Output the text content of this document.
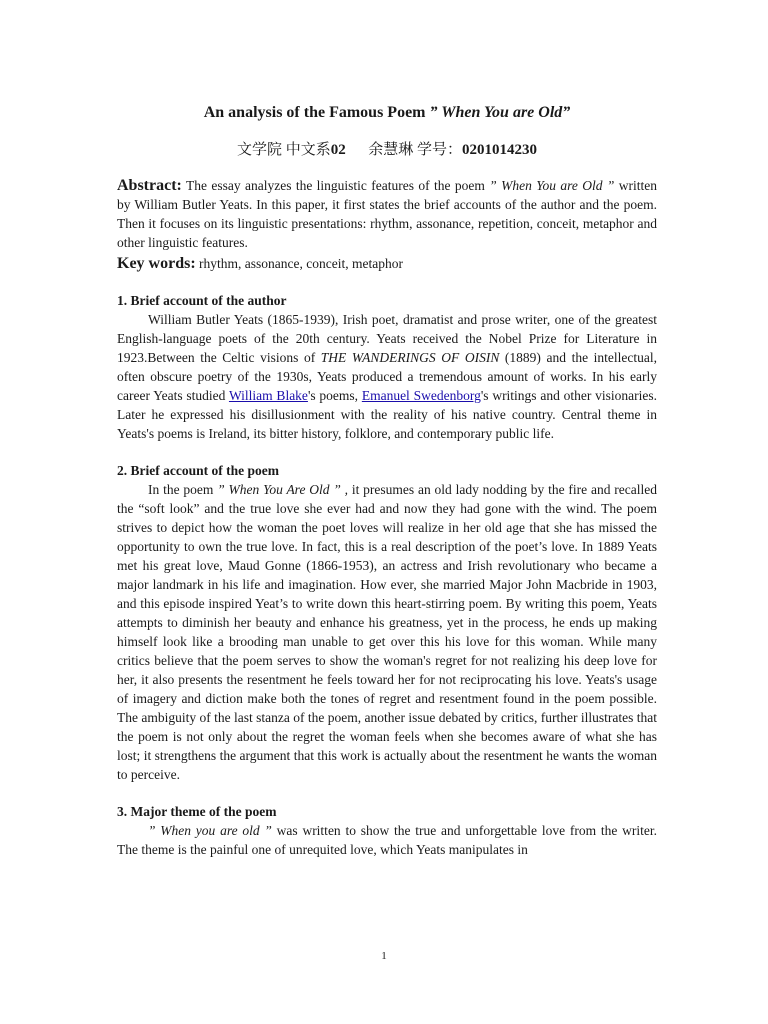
An analysis of the Famous Poem ” When You are Old”
文学院 中文系02 余慧琳 学号：0201014230

Abstract: The essay analyzes the linguistic features of the poem ” When You are Old ” written by William Butler Yeats. In this paper, it first states the brief accounts of the author and the poem. Then it focuses on its linguistic presentations: rhythm, assonance, repetition, conceit, metaphor and other linguistic features.

Key words: rhythm, assonance, conceit, metaphor

1. Brief account of the author

William Butler Yeats (1865-1939), Irish poet, dramatist and prose writer, one of the greatest English-language poets of the 20th century. Yeats received the Nobel Prize for Literature in 1923.Between the Celtic visions of THE WANDERINGS OF OISIN (1889) and the intellectual, often obscure poetry of the 1930s, Yeats produced a tremendous amount of works. In his early career Yeats studied William Blake's poems, Emanuel Swedenborg's writings and other visionaries. Later he expressed his disillusionment with the reality of his native country. Central theme in Yeats's poems is Ireland, its bitter history, folklore, and contemporary public life.

2. Brief account of the poem

In the poem ” When You Are Old ” , it presumes an old lady nodding by the fire and recalled the “soft look” and the true love she ever had and now they had gone with the wind. The poem strives to depict how the woman the poet loves will realize in her old age that she has missed the opportunity to own the true love. In fact, this is a real description of the poet’s love. In 1889 Yeats met his great love, Maud Gonne (1866-1953), an actress and Irish revolutionary who became a major landmark in his life and imagination. How ever, she married Major John Macbride in 1903, and this episode inspired Yeat’s to write down this heart-stirring poem. By writing this poem, Yeats attempts to diminish her beauty and enhance his greatness, yet in the process, he ends up making himself look like a brooding man unable to get over this his love for this woman. While many critics believe that the poem serves to show the woman's regret for not realizing his deep love for her, it also presents the resentment he feels toward her for not reciprocating his love. Yeats's usage of imagery and diction make both the tones of regret and resentment found in the poem possible. The ambiguity of the last stanza of the poem, another issue debated by critics, further illustrates that the poem is not only about the regret the woman feels when she becomes aware of what she has lost; it strengthens the argument that this work is actually about the resentment he wants the woman to perceive.

3. Major theme of the poem

” When you are old ” was written to show the true and unforgettable love from the writer. The theme is the painful one of unrequited love, which Yeats manipulates in

1
